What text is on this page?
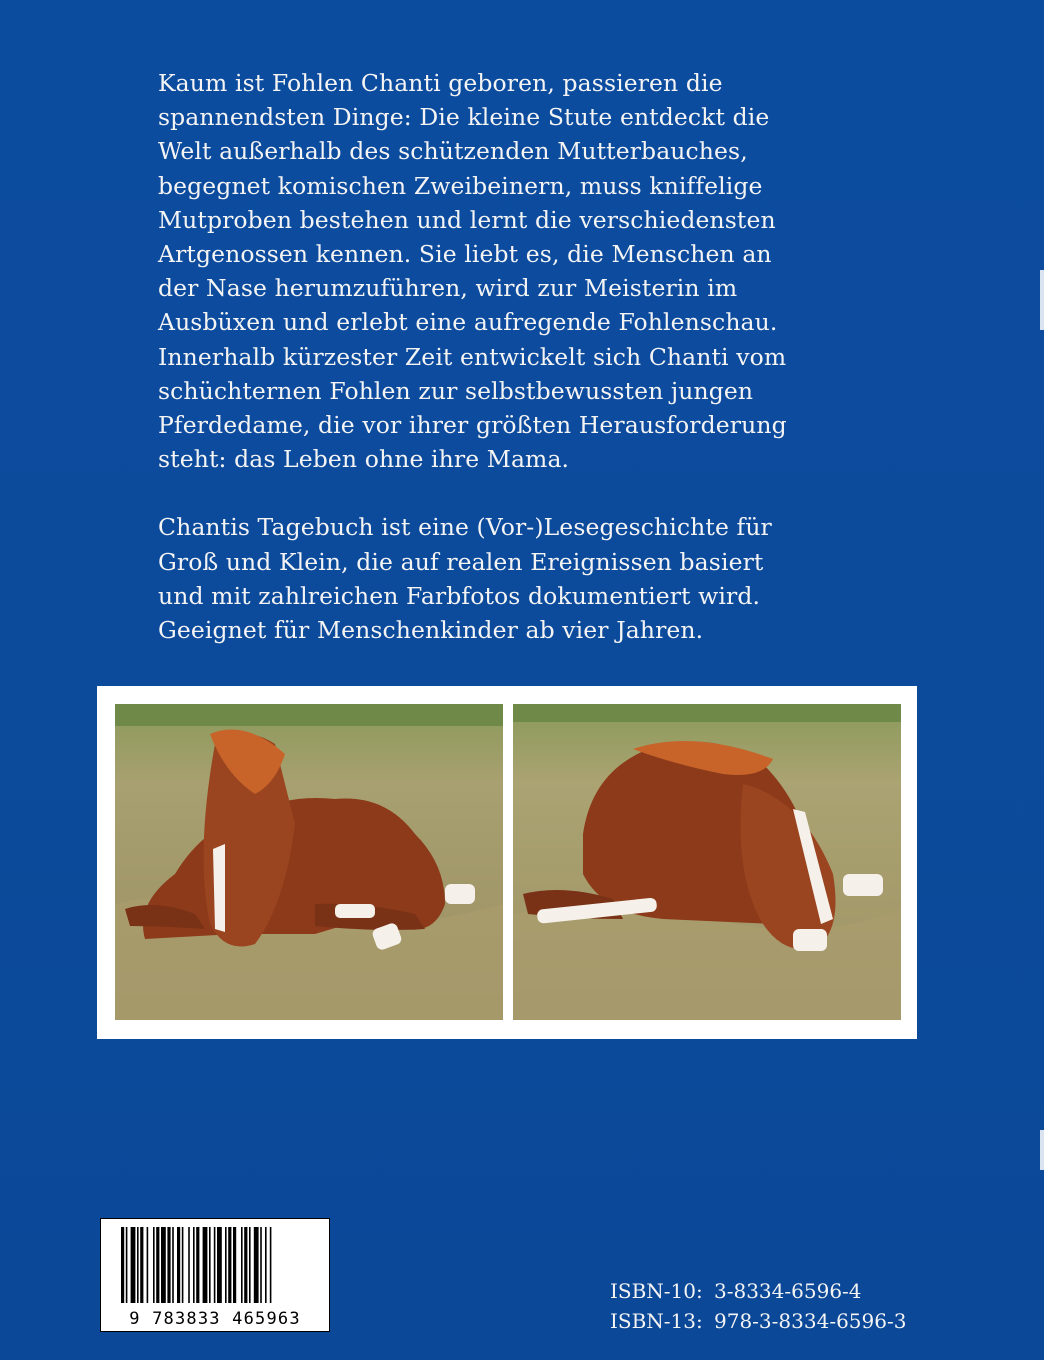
Kaum ist Fohlen Chanti geboren, passieren die
spannendsten Dinge: Die kleine Stute entdeckt die
Welt außerhalb des schützenden Mutterbauches,
begegnet komischen Zweibeinern, muss kniffelige
Mutproben bestehen und lernt die verschiedensten
Artgenossen kennen. Sie liebt es, die Menschen an
der Nase herumzuführen, wird zur Meisterin im
Ausbüxen und erlebt eine aufregende Fohlenschau.
Innerhalb kürzester Zeit entwickelt sich Chanti vom
schüchternen Fohlen zur selbstbewussten jungen
Pferdedame, die vor ihrer größten Herausforderung
steht: das Leben ohne ihre Mama.

Chantis Tagebuch ist eine (Vor-)Lesegeschichte für
Groß und Klein, die auf realen Ereignissen basiert
und mit zahlreichen Farbfotos dokumentiert wird.
Geeignet für Menschenkinder ab vier Jahren.

9 783833 465963
ISBN-10: 3-8334-6596-4
ISBN-13: 978-3-8334-6596-3
